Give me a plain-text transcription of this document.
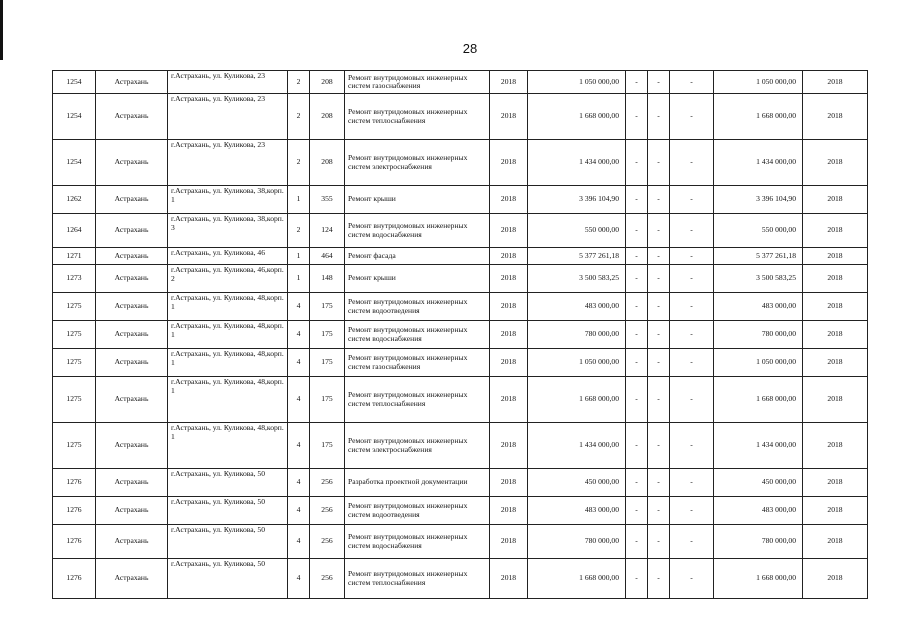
28
1254	Астрахань	г.Астрахань, ул. Куликова, 23	2	208	Ремонт внутридомовых инженерных систем газоснабжения	2018	1 050 000,00	-	-	-	1 050 000,00	2018
1254	Астрахань	г.Астрахань, ул. Куликова, 23	2	208	Ремонт внутридомовых инженерных систем теплоснабжения	2018	1 668 000,00	-	-	-	1 668 000,00	2018
1254	Астрахань	г.Астрахань, ул. Куликова, 23	2	208	Ремонт внутридомовых инженерных систем электроснабжения	2018	1 434 000,00	-	-	-	1 434 000,00	2018
1262	Астрахань	г.Астрахань, ул. Куликова, 38,корп. 1	1	355	Ремонт крыши	2018	3 396 104,90	-	-	-	3 396 104,90	2018
1264	Астрахань	г.Астрахань, ул. Куликова, 38,корп. 3	2	124	Ремонт внутридомовых инженерных систем водоснабжения	2018	550 000,00	-	-	-	550 000,00	2018
1271	Астрахань	г.Астрахань, ул. Куликова, 46	1	464	Ремонт фасада	2018	5 377 261,18	-	-	-	5 377 261,18	2018
1273	Астрахань	г.Астрахань, ул. Куликова, 46,корп. 2	1	148	Ремонт крыши	2018	3 500 583,25	-	-	-	3 500 583,25	2018
1275	Астрахань	г.Астрахань, ул. Куликова, 48,корп. 1	4	175	Ремонт внутридомовых инженерных систем водоотведения	2018	483 000,00	-	-	-	483 000,00	2018
1275	Астрахань	г.Астрахань, ул. Куликова, 48,корп. 1	4	175	Ремонт внутридомовых инженерных систем водоснабжения	2018	780 000,00	-	-	-	780 000,00	2018
1275	Астрахань	г.Астрахань, ул. Куликова, 48,корп. 1	4	175	Ремонт внутридомовых инженерных систем газоснабжения	2018	1 050 000,00	-	-	-	1 050 000,00	2018
1275	Астрахань	г.Астрахань, ул. Куликова, 48,корп. 1	4	175	Ремонт внутридомовых инженерных систем теплоснабжения	2018	1 668 000,00	-	-	-	1 668 000,00	2018
1275	Астрахань	г.Астрахань, ул. Куликова, 48,корп. 1	4	175	Ремонт внутридомовых инженерных систем электроснабжения	2018	1 434 000,00	-	-	-	1 434 000,00	2018
1276	Астрахань	г.Астрахань, ул. Куликова, 50	4	256	Разработка проектной документации	2018	450 000,00	-	-	-	450 000,00	2018
1276	Астрахань	г.Астрахань, ул. Куликова, 50	4	256	Ремонт внутридомовых инженерных систем водоотведения	2018	483 000,00	-	-	-	483 000,00	2018
1276	Астрахань	г.Астрахань, ул. Куликова, 50	4	256	Ремонт внутридомовых инженерных систем водоснабжения	2018	780 000,00	-	-	-	780 000,00	2018
1276	Астрахань	г.Астрахань, ул. Куликова, 50	4	256	Ремонт внутридомовых инженерных систем теплоснабжения	2018	1 668 000,00	-	-	-	1 668 000,00	2018
